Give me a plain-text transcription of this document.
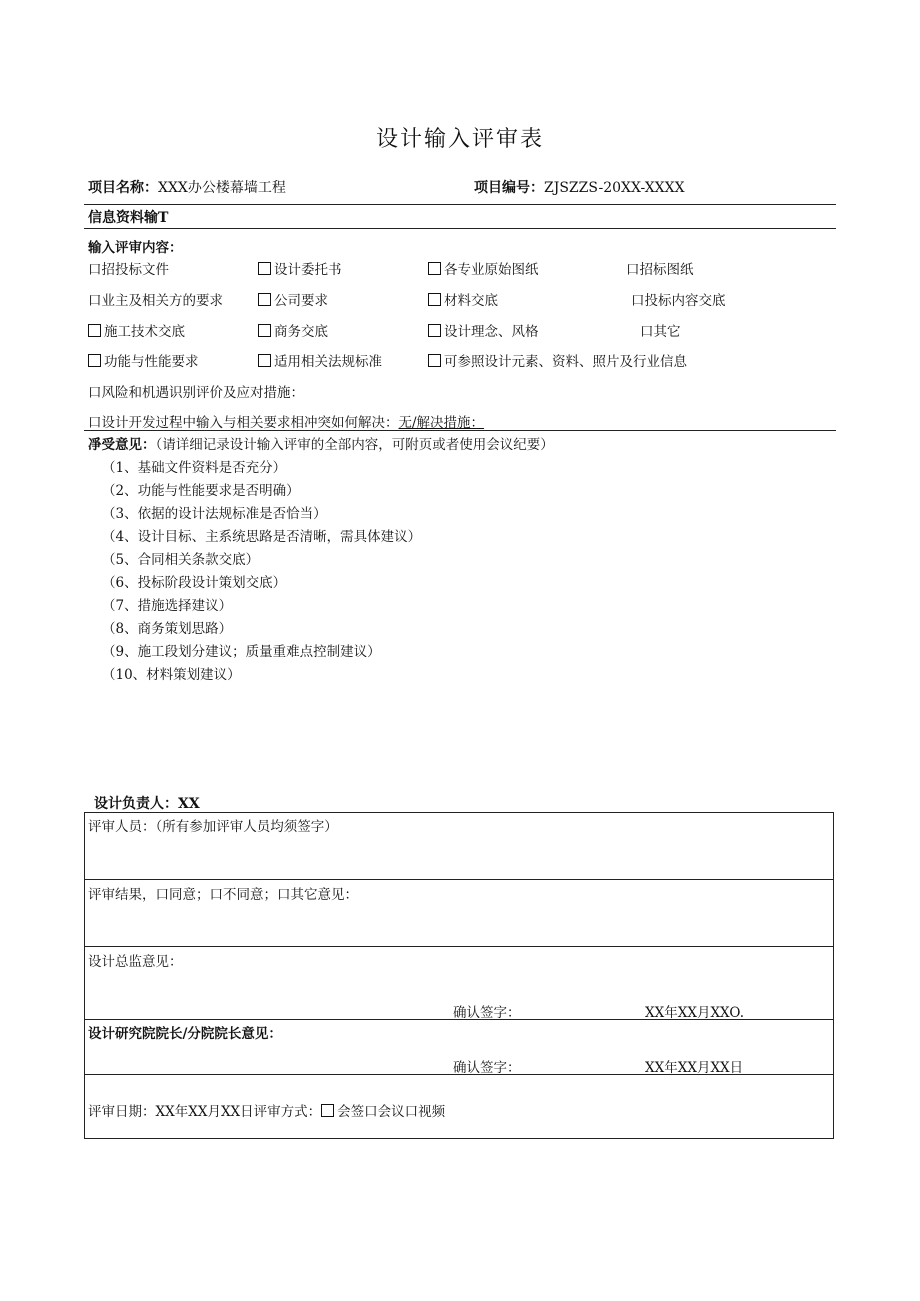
设计输入评审表
项目名称：XXX办公楼幕墙工程	项目编号：ZJSZZS-20XX-XXXX
信息资料输T
输入评审内容：
口招投标文件	设计委托书	各专业原始图纸	口招标图纸
口业主及相关方的要求	公司要求	材料交底	口投标内容交底
施工技术交底	商务交底	设计理念、风格	口其它
功能与性能要求	适用相关法规标准	可参照设计元素、资料、照片及行业信息
口风险和机遇识别评价及应对措施：
口设计开发过程中输入与相关要求相冲突如何解决：无/解决措施：
凈受意见：（请详细记录设计输入评审的全部内容，可附页或者使用会议纪要）
（1、基础文件资料是否充分）
（2、功能与性能要求是否明确）
（3、依据的设计法规标准是否恰当）
（4、设计目标、主系统思路是否清晰，需具体建议）
（5、合同相关条款交底）
（6、投标阶段设计策划交底）
（7、措施选择建议）
（8、商务策划思路）
（9、施工段划分建议；质量重难点控制建议）
（10、材料策划建议）
设计负责人：XX
评审人员：（所有参加评审人员均须签字）
评审结果，口同意；口不同意；口其它意见：
设计总监意见：
确认签字：	XX年XX月XXO.
设计研究院院长/分院院长意见：
确认签字：	XX年XX月XX日
评审日期：XX年XX月XX日评审方式： 会签口会议口视频
